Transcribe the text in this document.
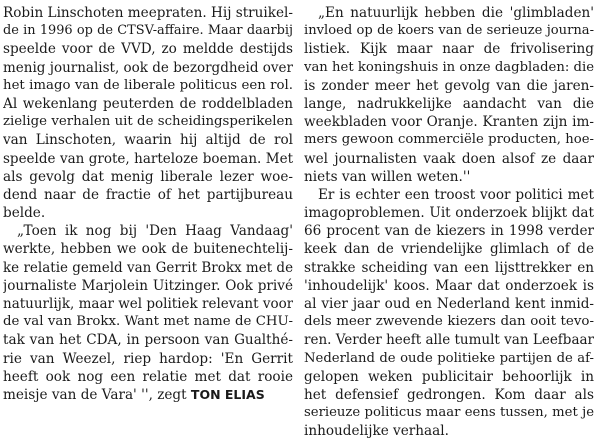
Robin Linschoten meepraten. Hij struikel-
de in 1996 op de CTSV-affaire. Maar daarbij
speelde voor de VVD, zo meldde destijds
menig journalist, ook de bezorgdheid over
het imago van de liberale politicus een rol.
Al wekenlang peuterden de roddelbladen
zielige verhalen uit de scheidingsperikelen
van Linschoten, waarin hij altijd de rol
speelde van grote, harteloze boeman. Met
als gevolg dat menig liberale lezer woe-
dend naar de fractie of het partijbureau
belde.
„Toen ik nog bij 'Den Haag Vandaag'
werkte, hebben we ook de buitenechtelij-
ke relatie gemeld van Gerrit Brokx met de
journaliste Marjolein Uitzinger. Ook privé
natuurlijk, maar wel politiek relevant voor
de val van Brokx. Want met name de CHU-
tak van het CDA, in persoon van Gualthé-
rie van Weezel, riep hardop: 'En Gerrit
heeft ook nog een relatie met dat rooie
meisje van de Vara' '', zegt TON ELIAS
„En natuurlijk hebben die 'glimbladen'
invloed op de koers van de serieuze journa-
listiek. Kijk maar naar de frivolisering
van het koningshuis in onze dagbladen: die
is zonder meer het gevolg van die jaren-
lange, nadrukkelijke aandacht van die
weekbladen voor Oranje. Kranten zijn im-
mers gewoon commerciële producten, hoe-
wel journalisten vaak doen alsof ze daar
niets van willen weten.''
Er is echter een troost voor politici met
imagoproblemen. Uit onderzoek blijkt dat
66 procent van de kiezers in 1998 verder
keek dan de vriendelijke glimlach of de
strakke scheiding van een lijsttrekker en
'inhoudelijk' koos. Maar dat onderzoek is
al vier jaar oud en Nederland kent inmid-
dels meer zwevende kiezers dan ooit tevo-
ren. Verder heeft alle tumult van Leefbaar
Nederland de oude politieke partijen de af-
gelopen weken publicitair behoorlijk in
het defensief gedrongen. Kom daar als
serieuze politicus maar eens tussen, met je
inhoudelijke verhaal.
